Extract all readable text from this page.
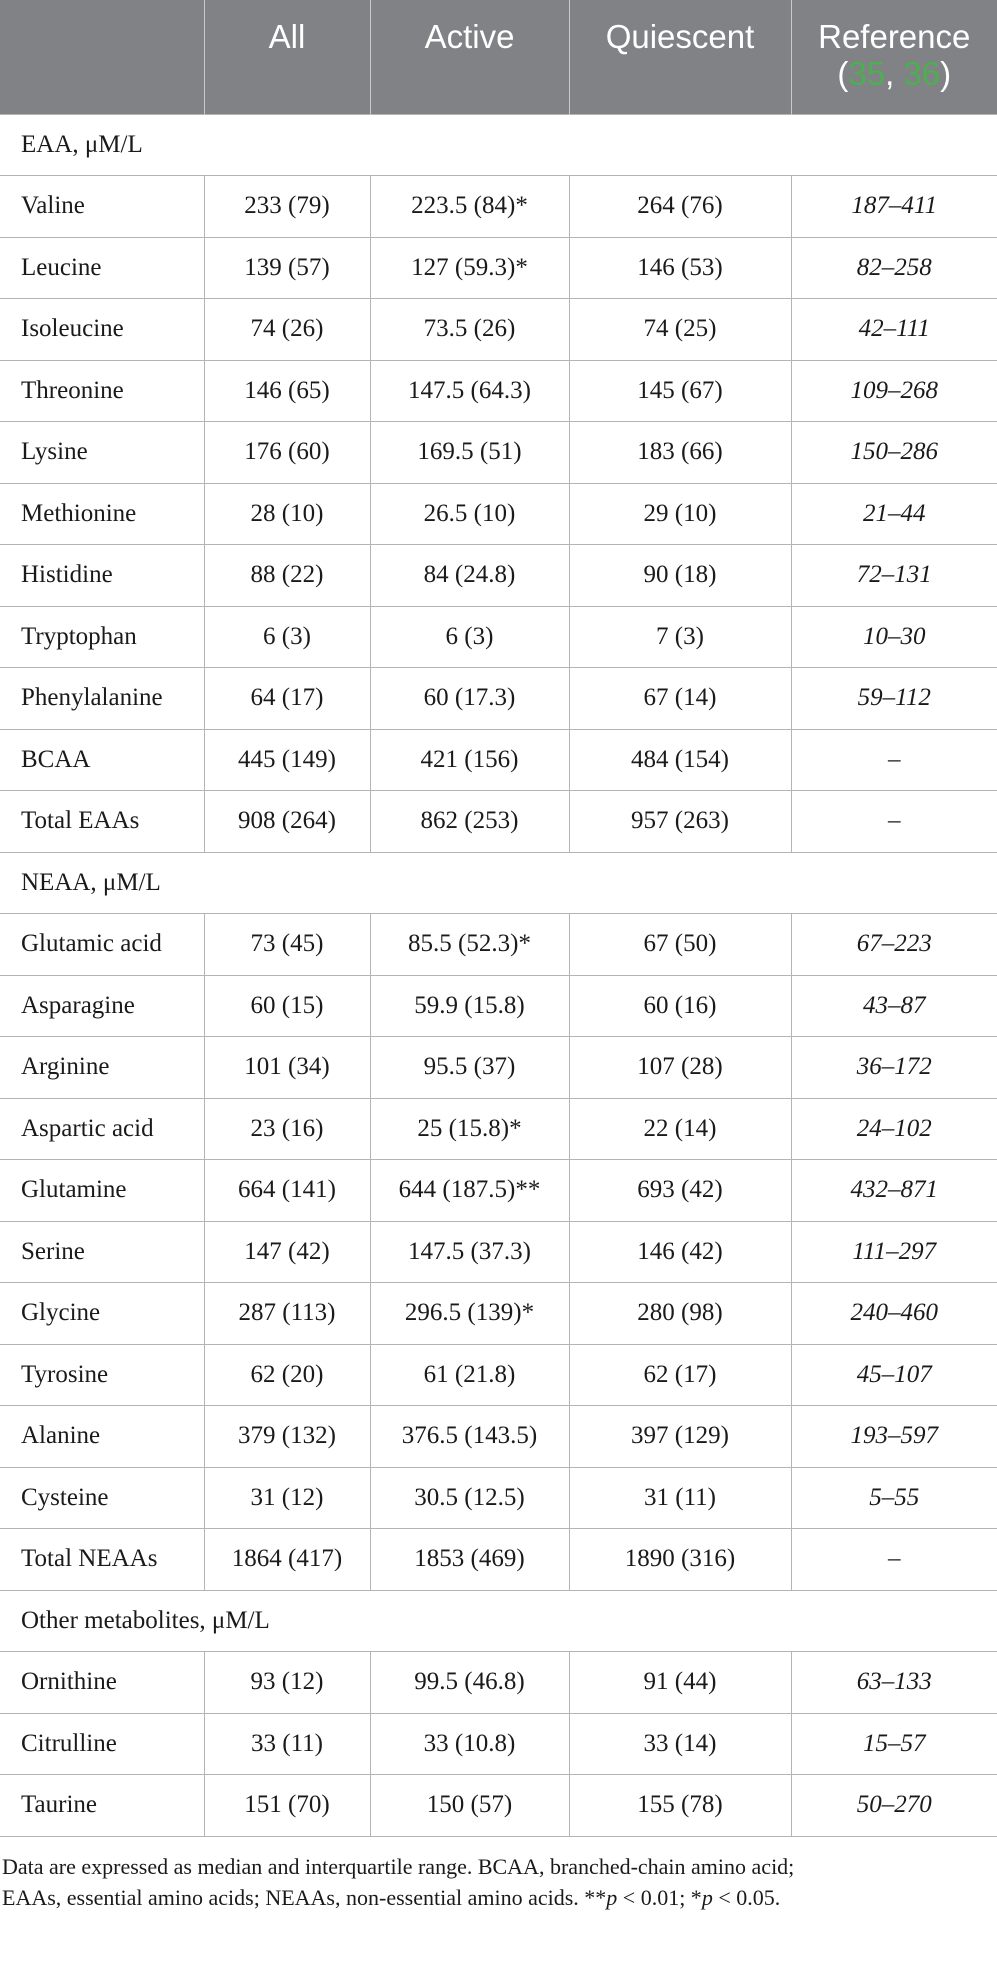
	All	Active	Quiescent	Reference
(35, 36)
EAA, μM/L				
Valine	233 (79)	223.5 (84)*	264 (76)	187–411
Leucine	139 (57)	127 (59.3)*	146 (53)	82–258
Isoleucine	74 (26)	73.5 (26)	74 (25)	42–111
Threonine	146 (65)	147.5 (64.3)	145 (67)	109–268
Lysine	176 (60)	169.5 (51)	183 (66)	150–286
Methionine	28 (10)	26.5 (10)	29 (10)	21–44
Histidine	88 (22)	84 (24.8)	90 (18)	72–131
Tryptophan	6 (3)	6 (3)	7 (3)	10–30
Phenylalanine	64 (17)	60 (17.3)	67 (14)	59–112
BCAA	445 (149)	421 (156)	484 (154)	–
Total EAAs	908 (264)	862 (253)	957 (263)	–
NEAA, μM/L				
Glutamic acid	73 (45)	85.5 (52.3)*	67 (50)	67–223
Asparagine	60 (15)	59.9 (15.8)	60 (16)	43–87
Arginine	101 (34)	95.5 (37)	107 (28)	36–172
Aspartic acid	23 (16)	25 (15.8)*	22 (14)	24–102
Glutamine	664 (141)	644 (187.5)**	693 (42)	432–871
Serine	147 (42)	147.5 (37.3)	146 (42)	111–297
Glycine	287 (113)	296.5 (139)*	280 (98)	240–460
Tyrosine	62 (20)	61 (21.8)	62 (17)	45–107
Alanine	379 (132)	376.5 (143.5)	397 (129)	193–597
Cysteine	31 (12)	30.5 (12.5)	31 (11)	5–55
Total NEAAs	1864 (417)	1853 (469)	1890 (316)	–
Other metabolites, μM/L				
Ornithine	93 (12)	99.5 (46.8)	91 (44)	63–133
Citrulline	33 (11)	33 (10.8)	33 (14)	15–57
Taurine	151 (70)	150 (57)	155 (78)	50–270
Data are expressed as median and interquartile range. BCAA, branched-chain amino acid;
EAAs, essential amino acids; NEAAs, non-essential amino acids. **p < 0.01; *p < 0.05.
